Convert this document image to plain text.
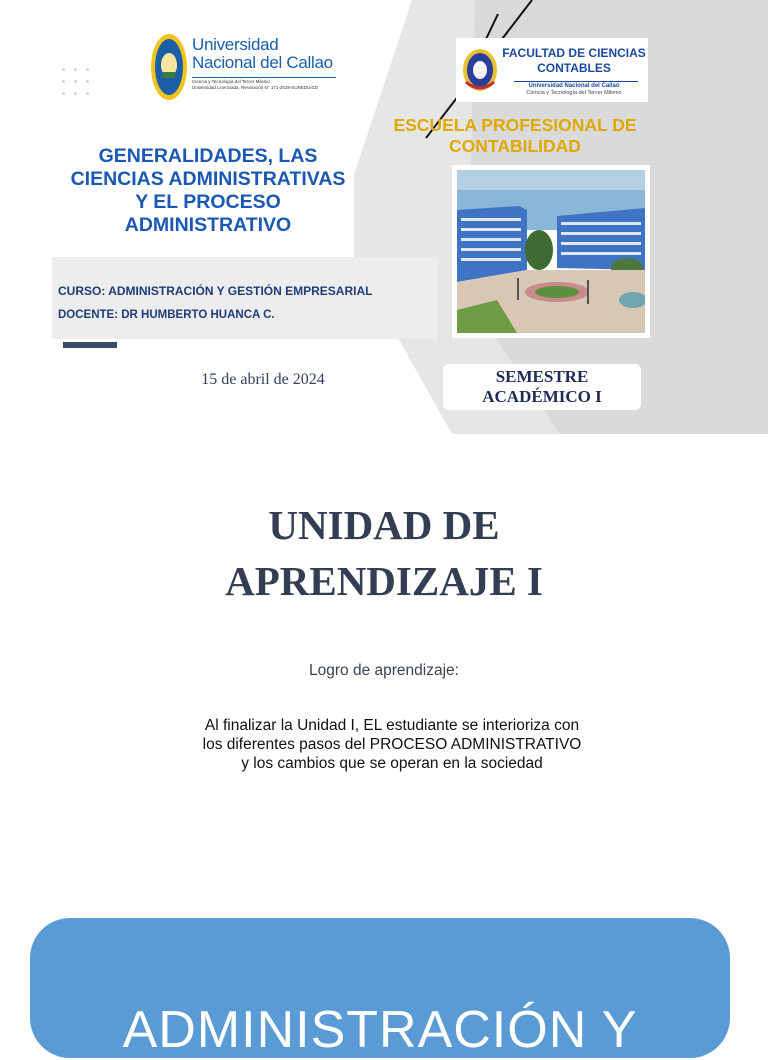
Universidad
Nacional del Callao
Ciencia y Tecnología del Tercer Milenio
Universidad Licenciada, Resolución N° 171-2019-SUNEDU/CD
FACULTAD DE CIENCIAS
CONTABLES
Universidad Nacional del Callao
Ciencia y Tecnología del Tercer Milenio
ESCUELA PROFESIONAL DE
CONTABILIDAD
GENERALIDADES, LAS
CIENCIAS ADMINISTRATIVAS
Y EL PROCESO
ADMINISTRATIVO
CURSO: ADMINISTRACIÓN Y GESTIÓN EMPRESARIAL
DOCENTE: DR HUMBERTO HUANCA C.
15 de abril de 2024	SEMESTRE
ACADÉMICO I
UNIDAD DE
APRENDIZAJE I
Logro de aprendizaje:
Al finalizar la Unidad I, EL estudiante se interioriza con
los diferentes pasos del PROCESO ADMINISTRATIVO
y los cambios que se operan en la sociedad
ADMINISTRACIÓN Y
